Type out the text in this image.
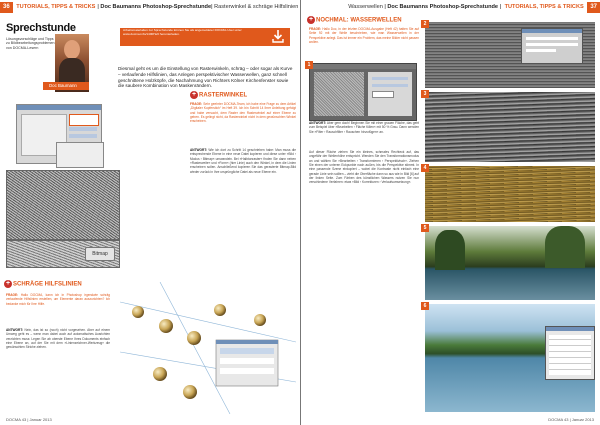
36 TUTORIALS, TIPPS & TRICKS | Doc Baumanns Photoshop-Sprechstunde| Rasterwinkel & schräge Hilfslinien
Sprechstunde
Lösungsvorschläge und Tipps zu Bildbearbeitungsproblemen von DOCMA-Lesern
Doc Baumann
Arbeitsmaterialien zur Sprechstunde können Sie als angemeldeter DOCMA-User unter www.docma.info/1400Heft herunterladen.
Diesmal geht es um die Einstellung von Rasterwinkeln, schräg – oder sogar als Kurve – verlaufende Hilfslinien, das Anlegen perspektivischer Wasserwellen, ganz schnell geschnittene Holzköpfe, die Nachahmung von Richters Kölner Kirchenfenster sowie die saubere Kombination von Maskenrändern.
Bitmap
+ RASTERWINKEL
FRAGE: Sehr geehrter DOCMA-Team, ich habe eine Frage zu dem Artikel „Digitaler Kupferstich“ im Heft 39. Ich bin Schritt 14 Ihrer Anleitung gefolgt und habe versucht, dem Raster den Rasterwinkel auf einer Ebene zu geben. Es gelingt nicht, da Rasterwinkel nicht in dem gewünschten Winkel erscheinen.
ANTWORT: Wie ich dort zu Schritt 14 geschrieben habe: Man muss die entsprechende Ebene in eine neue Datei kopieren und diese unter »Bild › Modus › Bitmap« umwandeln. Bei »Halbtonraster« finden Sie dann neben »Rasterweite« und »Form« (hier Linie) auch den Winkel, in dem die Linien erscheinen sollen. Anschließend kopieren Sie das gerasterte Bitmap-Bild wieder zurück in Ihre ursprüngliche Datei als neue Ebene ein.
+ SCHRÄGE HILFSLINIEN
FRAGE: Hallo DOCMA, kann ich in Photoshop irgendwie schräg verlaufende Hilfslinien erstellen, um Elemente daran auszurichten? Ich bedanke mich für Ihre Hilfe.
ANTWORT: Nein, das ist so (noch) nicht vorgesehen. Aber auf einem Umweg geht es – wenn man dabei auch auf automatisches Ausrichten verzichten muss: Legen Sie ab oberste Ebene Ihres Dokuments einfach eine Ebene an, auf der Sie mit dem »Linienzeichner-Werkzeug« die gewünschten Striche ziehen.
DOCMA 43 | Januar 2013
Wasserwellen | Doc Baumanns Photoshop-Sprechstunde | TUTORIALS, TIPPS & TRICKS 37
+ NOCHMAL: WASSERWELLEN
FRAGE: Hallo Doc, in der letzten DOCMA-Ausgabe (Heft 42) hatten Sie auf Seite 92 mit der Welle beschrieben, wie man Wasserwellen in der Perspektive anlegt. Das ist immer ein Problem, das meine Bilder nicht passen wollen.
1
ANTWORT: Aber gern doch! Beginnen Sie mit einer grauen Fläche, das geht zum Beispiel über »Bearbeiten › Fläche füllen« mit 50 % Grau. Dann wenden Sie »Filter › Rauschfilter › Rauschen hinzufügen« an.
Auf dieser Fläche ziehen Sie ein kleines, schmales Rechteck auf, das ungefähr der Wellenhöhe entspricht. Wenden Sie den Transformationsmodus an und wählen Sie »Bearbeiten › Transformieren › Perspektivisch«. Ziehen Sie einen der unteren Eckpunkte nach außen, bis die Perspektive stimmt. In eine passende Szene einkopiert – wobei die Kontraste nicht einfach eine gerade Linie sein sollten – zieht die Oberfläche dann so aus wie in Bild [6] auf der linken Seite. Zum Färben des künstlichen Wassers nutzen Sie nun verschiedene Verfahren: etwa »Bild › Korrekturen › Verlaufsumsetzung«.
2
3
4
5
6
DOCMA 43 | Januar 2013
